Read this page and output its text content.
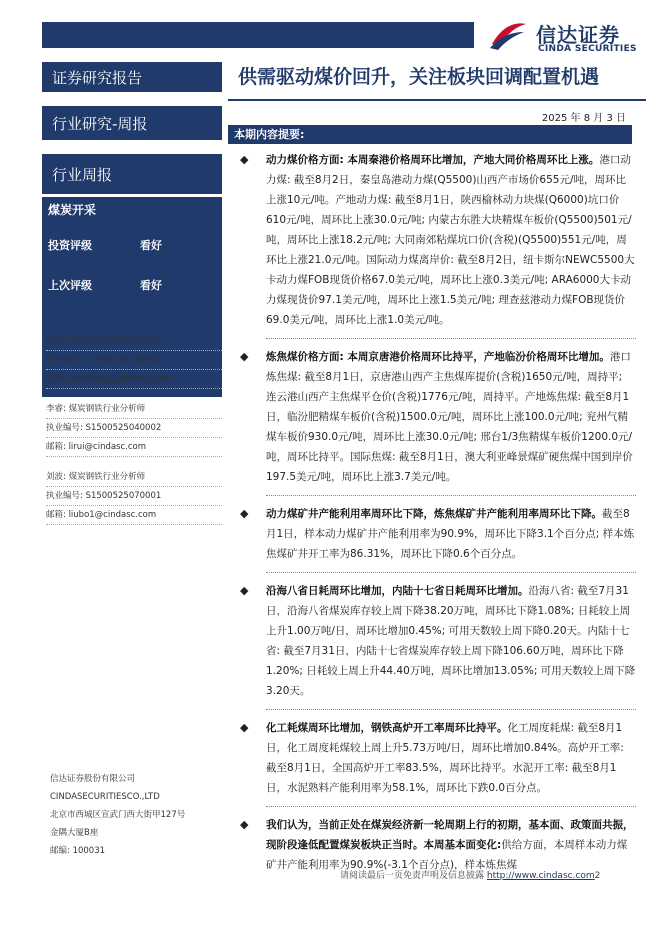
信达证券
CINDA SECURITIES
证券研究报告
行业研究-周报
行业周报
煤炭开采
投资评级	看好
上次评级	看好
高升: 煤炭钢铁行业首席分析师
执业编号: S1500524100002
邮箱: gaosheng@cindasc.com
李睿: 煤炭钢铁行业分析师
执业编号: S1500525040002
邮箱: lirui@cindasc.com
刘波: 煤炭钢铁行业分析师
执业编号: S1500525070001
邮箱: liubo1@cindasc.com
信达证券股份有限公司
CINDASECURITIESCO.,LTD
北京市西城区宣武门西大街甲127号
金隅大厦B座
邮编: 100031
供需驱动煤价回升，关注板块回调配置机遇
2025 年 8 月 3 日
本期内容提要:
◆ 动力煤价格方面: 本周秦港价格周环比增加，产地大同价格周环比上涨。港口动力煤: 截至8月2日，秦皇岛港动力煤(Q5500)山西产市场价655元/吨，周环比上涨10元/吨。产地动力煤: 截至8月1日，陕西榆林动力块煤(Q6000)坑口价610元/吨，周环比上涨30.0元/吨; 内蒙古东胜大块精煤车板价(Q5500)501元/吨，周环比上涨18.2元/吨; 大同南郊粘煤坑口价(含税)(Q5500)551元/吨，周环比上涨21.0元/吨。国际动力煤离岸价: 截至8月2日，纽卡斯尔NEWC5500大卡动力煤FOB现货价格67.0美元/吨，周环比上涨0.3美元/吨; ARA6000大卡动力煤现货价97.1美元/吨，周环比上涨1.5美元/吨; 理查兹港动力煤FOB现货价69.0美元/吨，周环比上涨1.0美元/吨。
◆ 炼焦煤价格方面: 本周京唐港价格周环比持平，产地临汾价格周环比增加。港口炼焦煤: 截至8月1日，京唐港山西产主焦煤库提价(含税)1650元/吨，周持平; 连云港山西产主焦煤平仓价(含税)1776元/吨，周持平。产地炼焦煤: 截至8月1日，临汾肥精煤车板价(含税)1500.0元/吨，周环比上涨100.0元/吨; 兖州气精煤车板价930.0元/吨，周环比上涨30.0元/吨; 邢台1/3焦精煤车板价1200.0元/吨，周环比持平。国际焦煤: 截至8月1日，澳大利亚峰景煤矿硬焦煤中国到岸价197.5美元/吨，周环比上涨3.7美元/吨。
◆ 动力煤矿井产能利用率周环比下降，炼焦煤矿井产能利用率周环比下降。截至8月1日，样本动力煤矿井产能利用率为90.9%，周环比下降3.1个百分点; 样本炼焦煤矿井开工率为86.31%，周环比下降0.6个百分点。
◆ 沿海八省日耗周环比增加，内陆十七省日耗周环比增加。沿海八省: 截至7月31日，沿海八省煤炭库存较上周下降38.20万吨，周环比下降1.08%; 日耗较上周上升1.00万吨/日，周环比增加0.45%; 可用天数较上周下降0.20天。内陆十七省: 截至7月31日，内陆十七省煤炭库存较上周下降106.60万吨，周环比下降1.20%; 日耗较上周上升44.40万吨，周环比增加13.05%; 可用天数较上周下降3.20天。
◆ 化工耗煤周环比增加，钢铁高炉开工率周环比持平。化工周度耗煤: 截至8月1日，化工周度耗煤较上周上升5.73万吨/日，周环比增加0.84%。高炉开工率: 截至8月1日，全国高炉开工率83.5%，周环比持平。水泥开工率: 截至8月1日，水泥熟料产能利用率为58.1%，周环比下跌0.0百分点。
◆ 我们认为，当前正处在煤炭经济新一轮周期上行的初期，基本面、政策面共振，现阶段逢低配置煤炭板块正当时。本周基本面变化:供给方面，本周样本动力煤矿井产能利用率为90.9%(-3.1个百分点)，样本炼焦煤
请阅读最后一页免责声明及信息披露 http://www.cindasc.com2
